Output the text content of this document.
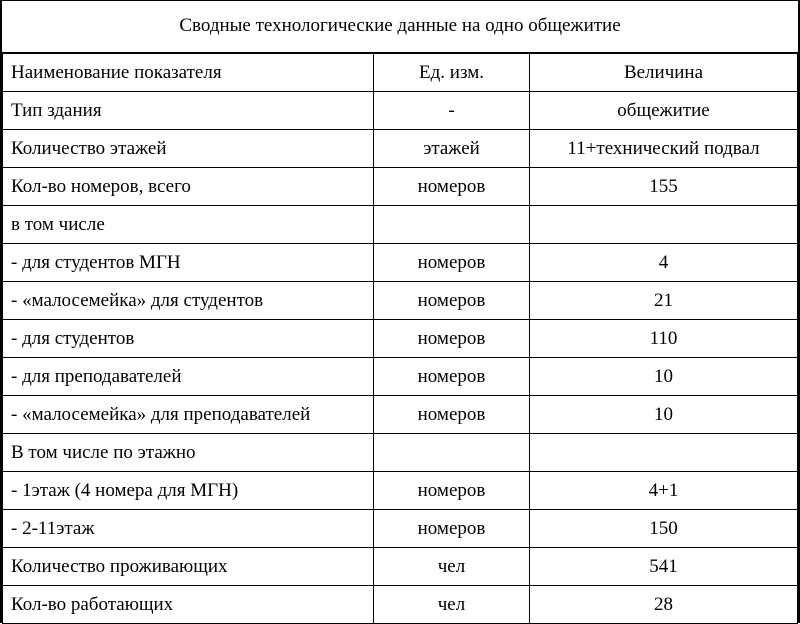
Сводные технологические данные на одно общежитие
Наименование показателя	Ед. изм.	Величина
Тип здания	-	общежитие
Количество этажей	этажей	11+технический подвал
Кол-во номеров, всего	номеров	155
в том числе		
- для студентов МГН	номеров	4
- «малосемейка» для студентов	номеров	21
- для студентов	номеров	110
- для преподавателей	номеров	10
- «малосемейка» для преподавателей	номеров	10
В том числе по этажно		
- 1этаж (4 номера для МГН)	номеров	4+1
- 2-11этаж	номеров	150
Количество проживающих	чел	541
Кол-во работающих	чел	28
